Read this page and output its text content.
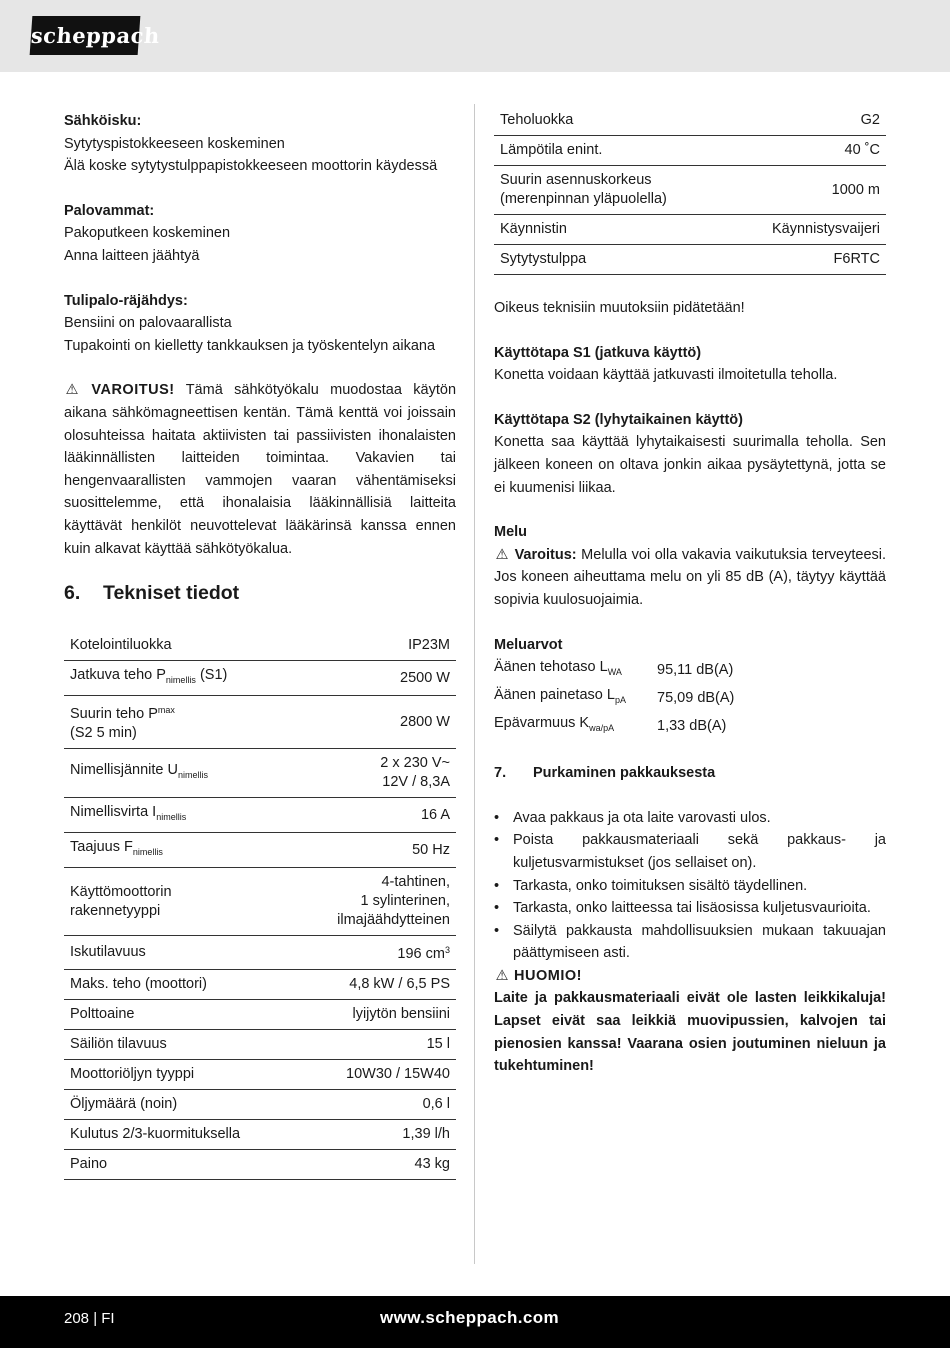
scheppach
Sähköisku:
Sytytyspistokkeeseen koskeminen
Älä koske sytytystulppapistokkeeseen moottorin käydessä
Palovammat:
Pakoputkeen koskeminen
Anna laitteen jäähtyä
Tulipalo-räjähdys:
Bensiini on palovaarallista
Tupakointi on kielletty tankkauksen ja työskentelyn aikana
⚠ VAROITUS! Tämä sähkötyökalu muodostaa käytön aikana sähkömagneettisen kentän. Tämä kenttä voi joissain olosuhteissa haitata aktiivisten tai passiivisten ihonalaisten lääkinnällisten laitteiden toimintaa. Vakavien tai hengenvaarallisten vammojen vaaran vähentämiseksi suosittelemme, että ihonalaisia lääkinnällisiä laitteita käyttävät henkilöt neuvottelevat lääkärinsä kanssa ennen kuin alkavat käyttää sähkötyökalua.
6. Tekniset tiedot
Kotelointiluokka	IP23M
Jatkuva teho $P_{nimellis}$ (S1)	2500 W
Suurin teho $P^{max}$
(S2 5 min)	2800 W
Nimellisjännite $U_{nimellis}$	2 x 230 V~
12V / 8,3A
Nimellisvirta $I_{nimellis}$	16 A
Taajuus $F_{nimellis}$	50 Hz
Käyttömoottorin
rakennetyyppi	4-tahtinen,
1 sylinterinen,
ilmajäähdytteinen
Iskutilavuus	196 $cm^3$
Maks. teho (moottori)	4,8 kW / 6,5 PS
Polttoaine	lyijytön bensiini
Säiliön tilavuus	15 l
Moottoriöljyn tyyppi	10W30 / 15W40
Öljymäärä (noin)	0,6 l
Kulutus 2/3-kuormituksella	1,39 l/h
Paino	43 kg
Teholuokka	G2
Lämpötila enint.	40 ˚C
Suurin asennuskorkeus
(merenpinnan yläpuolella)	1000 m
Käynnistin	Käynnistysvaijeri
Sytytystulppa	F6RTC
Oikeus teknisiin muutoksiin pidätetään!
Käyttötapa S1 (jatkuva käyttö)
Konetta voidaan käyttää jatkuvasti ilmoitetulla teholla.
Käyttötapa S2 (lyhytaikainen käyttö)
Konetta saa käyttää lyhytaikaisesti suurimalla teholla. Sen jälkeen koneen on oltava jonkin aikaa pysäytettynä, jotta se ei kuumenisi liikaa.
Melu
⚠ Varoitus: Melulla voi olla vakavia vaikutuksia terveyteesi. Jos koneen aiheuttama melu on yli 85 dB (A), täytyy käyttää sopivia kuulosuojaimia.
Meluarvot
Äänen tehotaso $L_{WA}$	95,11 dB(A)
Äänen painetaso $L_{pA}$	75,09 dB(A)
Epävarmuus $K_{wa/pA}$	1,33 dB(A)
7. Purkaminen pakkauksesta
• Avaa pakkaus ja ota laite varovasti ulos.
• Poista pakkausmateriaali sekä pakkaus- ja kuljetusvarmistukset (jos sellaiset on).
• Tarkasta, onko toimituksen sisältö täydellinen.
• Tarkasta, onko laitteessa tai lisäosissa kuljetusvaurioita.
• Säilytä pakkausta mahdollisuuksien mukaan takuuajan päättymiseen asti.
⚠ HUOMIO!
Laite ja pakkausmateriaali eivät ole lasten leikkikaluja! Lapset eivät saa leikkiä muovipussien, kalvojen tai pienosien kanssa! Vaarana osien joutuminen nieluun ja tukehtuminen!
208 | FI	www.scheppach.com
